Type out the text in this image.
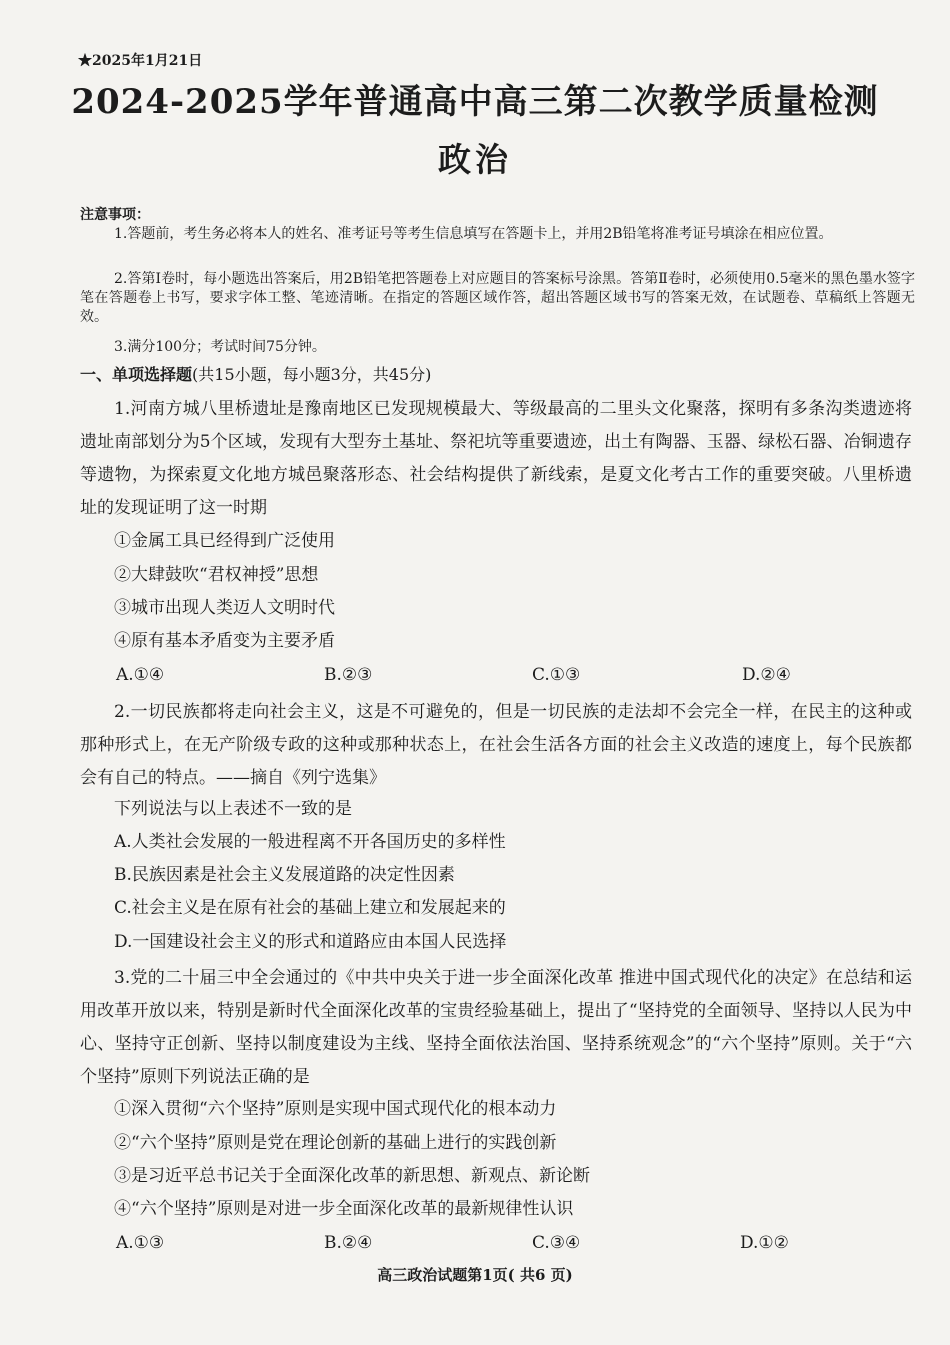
★2025年1月21日
2024-2025学年普通高中高三第二次教学质量检测
政治
注意事项：
1.答题前，考生务必将本人的姓名、准考证号等考生信息填写在答题卡上，并用2B铅笔将准考证号填涂在相应位置。
2.答第Ⅰ卷时，每小题选出答案后，用2B铅笔把答题卷上对应题目的答案标号涂黑。答第Ⅱ卷时，必须使用0.5毫米的黑色墨水签字笔在答题卷上书写，要求字体工整、笔迹清晰。在指定的答题区域作答，超出答题区域书写的答案无效，在试题卷、草稿纸上答题无效。
3.满分100分；考试时间75分钟。
一、单项选择题(共15小题，每小题3分，共45分)
1.河南方城八里桥遗址是豫南地区已发现规模最大、等级最高的二里头文化聚落，探明有多条沟类遗迹将遗址南部划分为5个区域，发现有大型夯土基址、祭祀坑等重要遗迹，出土有陶器、玉器、绿松石器、冶铜遗存等遗物，为探索夏文化地方城邑聚落形态、社会结构提供了新线索，是夏文化考古工作的重要突破。八里桥遗址的发现证明了这一时期
①金属工具已经得到广泛使用
②大肆鼓吹“君权神授”思想
③城市出现人类迈人文明时代
④原有基本矛盾变为主要矛盾
A.①④	B.②③	C.①③	D.②④
2.一切民族都将走向社会主义，这是不可避免的，但是一切民族的走法却不会完全一样，在民主的这种或那种形式上，在无产阶级专政的这种或那种状态上，在社会生活各方面的社会主义改造的速度上，每个民族都会有自己的特点。——摘自《列宁选集》
下列说法与以上表述不一致的是
A.人类社会发展的一般进程离不开各国历史的多样性
B.民族因素是社会主义发展道路的决定性因素
C.社会主义是在原有社会的基础上建立和发展起来的
D.一国建设社会主义的形式和道路应由本国人民选择
3.党的二十届三中全会通过的《中共中央关于进一步全面深化改革 推进中国式现代化的决定》在总结和运用改革开放以来，特别是新时代全面深化改革的宝贵经验基础上，提出了“坚持党的全面领导、坚持以人民为中心、坚持守正创新、坚持以制度建设为主线、坚持全面依法治国、坚持系统观念”的“六个坚持”原则。关于“六个坚持”原则下列说法正确的是
①深入贯彻“六个坚持”原则是实现中国式现代化的根本动力
②“六个坚持”原则是党在理论创新的基础上进行的实践创新
③是习近平总书记关于全面深化改革的新思想、新观点、新论断
④“六个坚持”原则是对进一步全面深化改革的最新规律性认识
A.①③	B.②④	C.③④	D.①②
高三政治试题第1页( 共6 页)
